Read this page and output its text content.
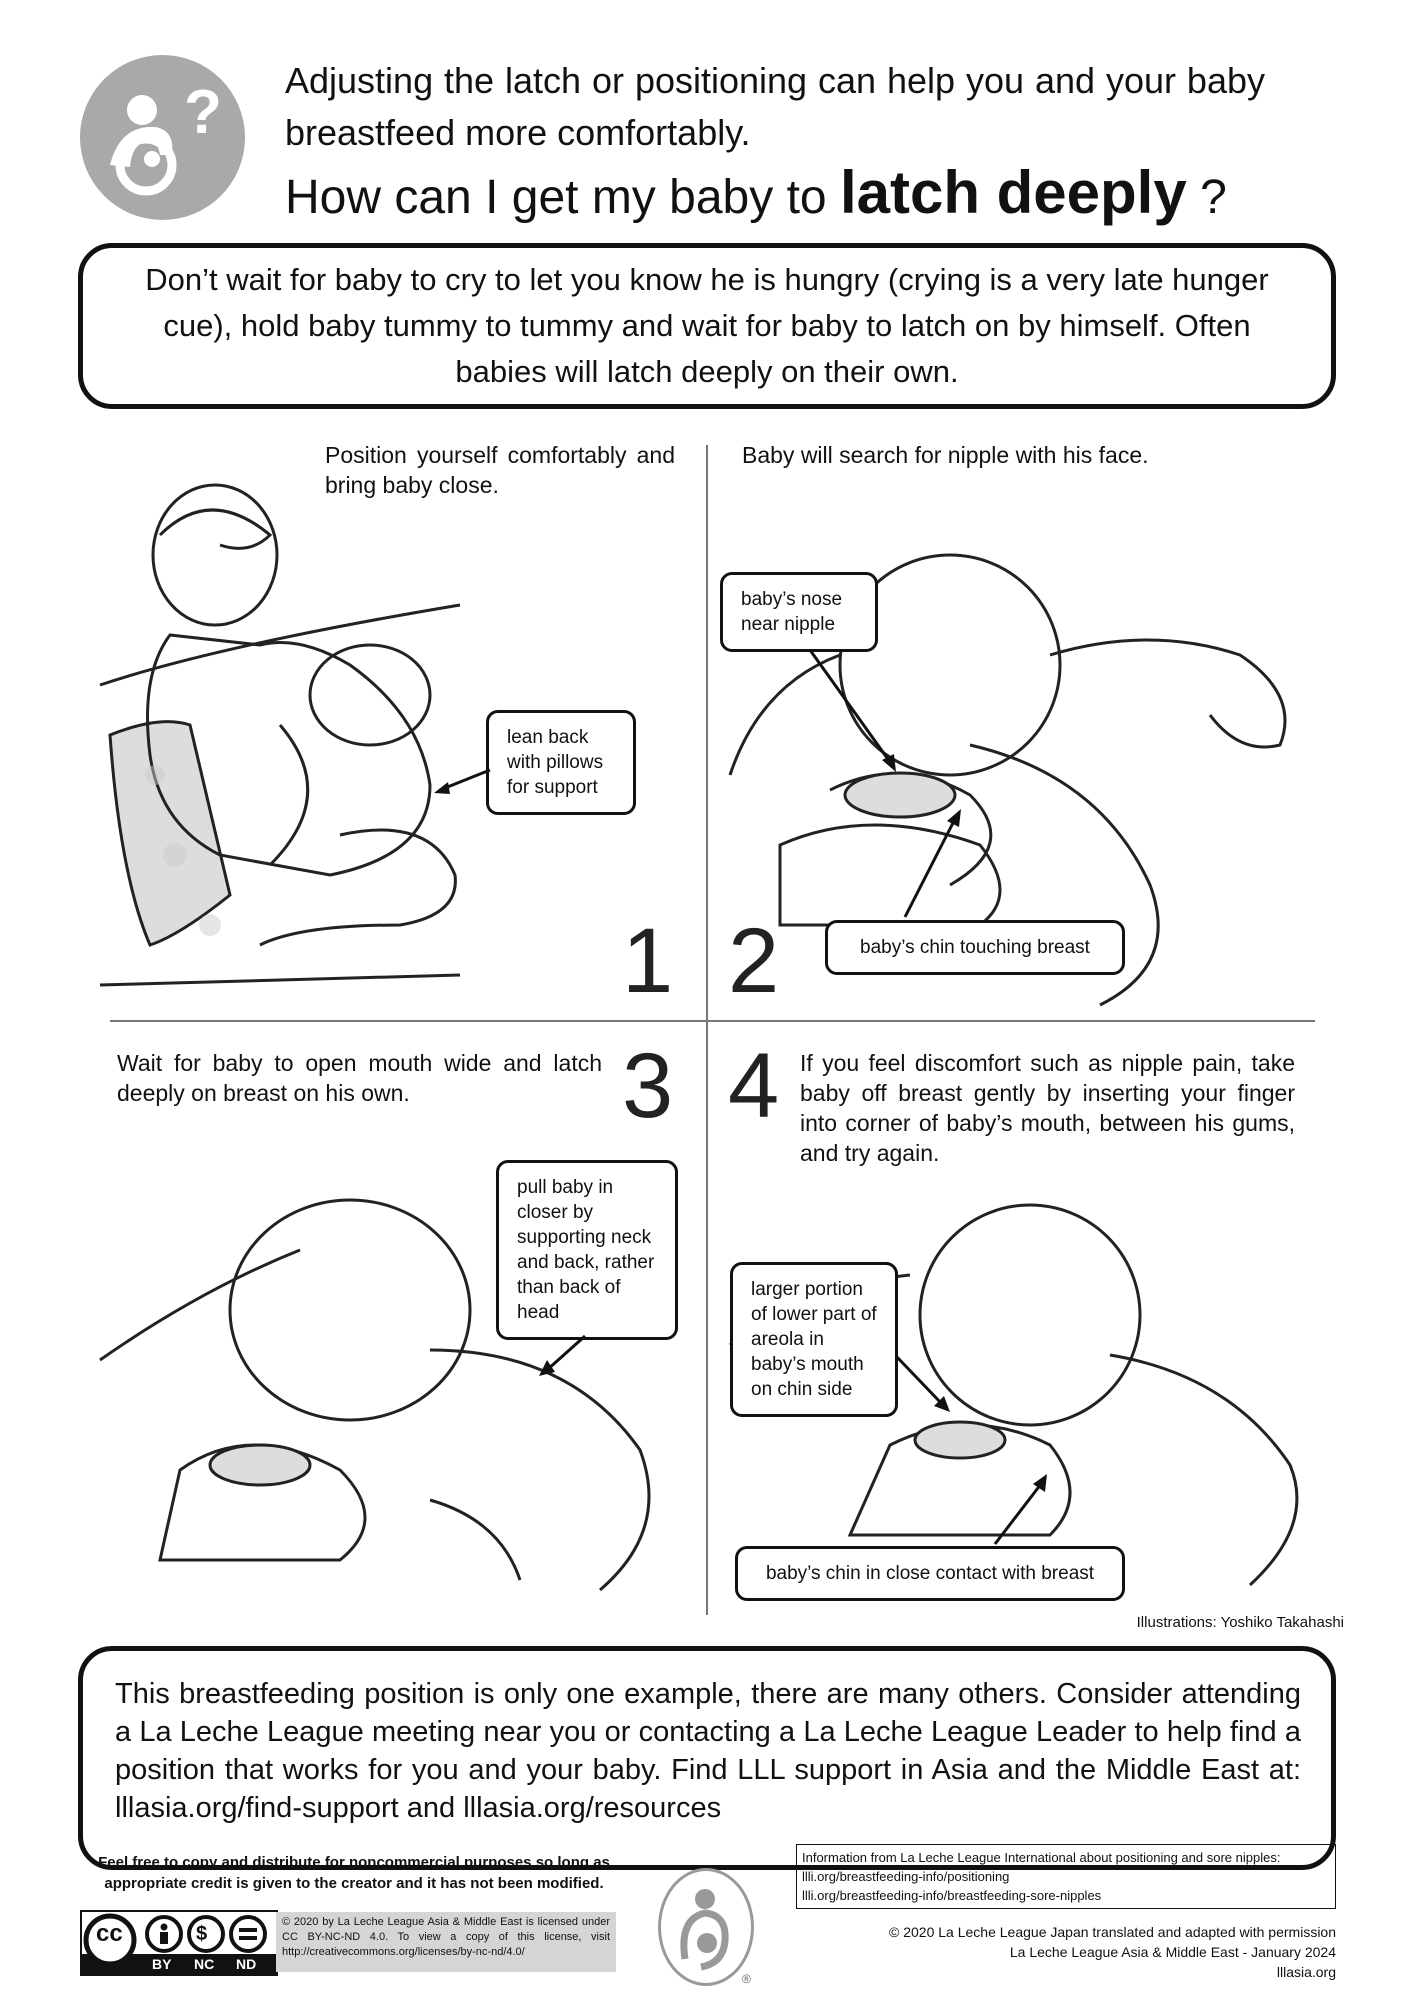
? Adjusting the latch or positioning can help you and your baby breastfeed more comfortably.
How can I get my baby to latch deeply ?
Don’t wait for baby to cry to let you know he is hungry (crying is a very late hunger cue), hold baby tummy to tummy and wait for baby to latch on by himself. Often babies will latch deeply on their own.
Position yourself comfortably and bring baby close.
lean back with pillows for support
1
Baby will search for nipple with his face.
baby’s nose near nipple
baby’s chin touching breast
2
Wait for baby to open mouth wide and latch deeply on breast on his own.
pull baby in closer by supporting neck and back, rather than back of head
3 4 If you feel discomfort such as nipple pain, take baby off breast gently by inserting your finger into corner of baby’s mouth, between his gums, and try again.
larger portion of lower part of areola in baby’s mouth on chin side
baby’s chin in close contact with breast
Illustrations: Yoshiko Takahashi
This breastfeeding position is only one example, there are many others. Consider attending a La Leche League meeting near you or contacting a La Leche League Leader to help find a position that works for you and your baby. Find LLL support in Asia and the Middle East at: lllasia.org/find-support and lllasia.org/resources
Feel free to copy and distribute for noncommercial purposes so long as appropriate credit is given to the creator and it has not been modified.
cc	$
BY NC ND
© 2020 by La Leche League Asia & Middle East is licensed under CC BY-NC-ND 4.0. To view a copy of this license, visit http://creativecommons.org/licenses/by-nc-nd/4.0/
®
Information from La Leche League International about positioning and sore nipples:
llli.org/breastfeeding-info/positioning
llli.org/breastfeeding-info/breastfeeding-sore-nipples
© 2020 La Leche League Japan translated and adapted with permission
La Leche League Asia & Middle East - January 2024
lllasia.org
